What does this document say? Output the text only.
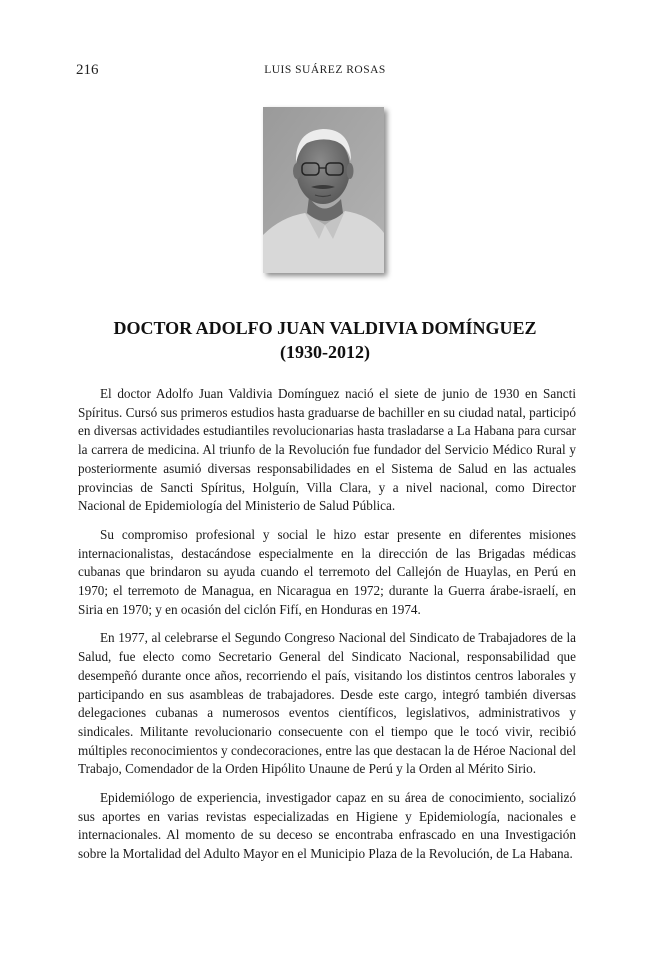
216	LUIS SUÁREZ ROSAS
DOCTOR ADOLFO JUAN VALDIVIA DOMÍNGUEZ
(1930-2012)

El doctor Adolfo Juan Valdivia Domínguez nació el siete de junio de 1930 en Sancti Spíritus. Cursó sus primeros estudios hasta graduarse de bachiller en su ciudad natal, participó en diversas actividades estudiantiles revolucionarias hasta trasladarse a La Habana para cursar la carrera de medicina. Al triunfo de la Revolución fue fundador del Servicio Médico Rural y posteriormente asumió diversas responsabilidades en el Sistema de Salud en las actuales provincias de Sancti Spíritus, Holguín, Villa Clara, y a nivel nacional, como Director Nacional de Epidemiología del Ministerio de Salud Pública.

Su compromiso profesional y social le hizo estar presente en diferentes misiones internacionalistas, destacándose especialmente en la dirección de las Brigadas médicas cubanas que brindaron su ayuda cuando el terremoto del Callejón de Huaylas, en Perú en 1970; el terremoto de Managua, en Nicaragua en 1972; durante la Guerra árabe-israelí, en Siria en 1970; y en ocasión del ciclón Fifí, en Honduras en 1974.

En 1977, al celebrarse el Segundo Congreso Nacional del Sindicato de Trabajadores de la Salud, fue electo como Secretario General del Sindicato Nacional, responsabilidad que desempeñó durante once años, recorriendo el país, visitando los distintos centros laborales y participando en sus asambleas de trabajadores. Desde este cargo, integró también diversas delegaciones cubanas a numerosos eventos científicos, legislativos, administrativos y sindicales. Militante revolucionario consecuente con el tiempo que le tocó vivir, recibió múltiples reconocimientos y condecoraciones, entre las que destacan la de Héroe Nacional del Trabajo, Comendador de la Orden Hipólito Unaune de Perú y la Orden al Mérito Sirio.

Epidemiólogo de experiencia, investigador capaz en su área de conocimiento, socializó sus aportes en varias revistas especializadas en Higiene y Epidemiología, nacionales e internacionales. Al momento de su deceso se encontraba enfrascado en una Investigación sobre la Mortalidad del Adulto Mayor en el Municipio Plaza de la Revolución, de La Habana.
